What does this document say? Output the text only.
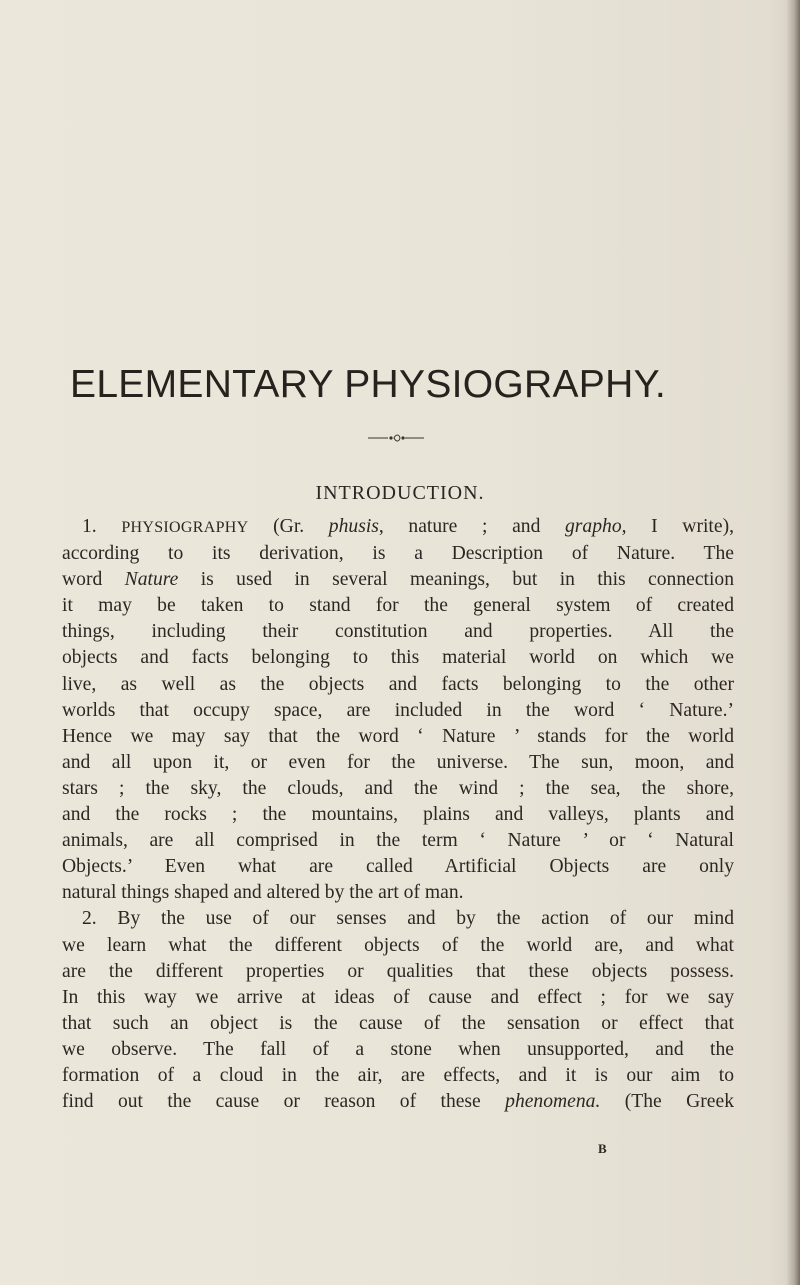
ELEMENTARY PHYSIOGRAPHY.
INTRODUCTION.
1. PHYSIOGRAPHY (Gr. phusis, nature ; and grapho, I write),
according to its derivation, is a Description of Nature. The
word Nature is used in several meanings, but in this connection
it may be taken to stand for the general system of created
things, including their constitution and properties. All the
objects and facts belonging to this material world on which we
live, as well as the objects and facts belonging to the other
worlds that occupy space, are included in the word ‘ Nature.’
Hence we may say that the word ‘ Nature ’ stands for the world
and all upon it, or even for the universe. The sun, moon, and
stars ; the sky, the clouds, and the wind ; the sea, the shore,
and the rocks ; the mountains, plains and valleys, plants and
animals, are all comprised in the term ‘ Nature ’ or ‘ Natural
Objects.’ Even what are called Artificial Objects are only
natural things shaped and altered by the art of man.
2. By the use of our senses and by the action of our mind
we learn what the different objects of the world are, and what
are the different properties or qualities that these objects possess.
In this way we arrive at ideas of cause and effect ; for we say
that such an object is the cause of the sensation or effect that
we observe. The fall of a stone when unsupported, and the
formation of a cloud in the air, are effects, and it is our aim to
find out the cause or reason of these phenomena. (The Greek
B
